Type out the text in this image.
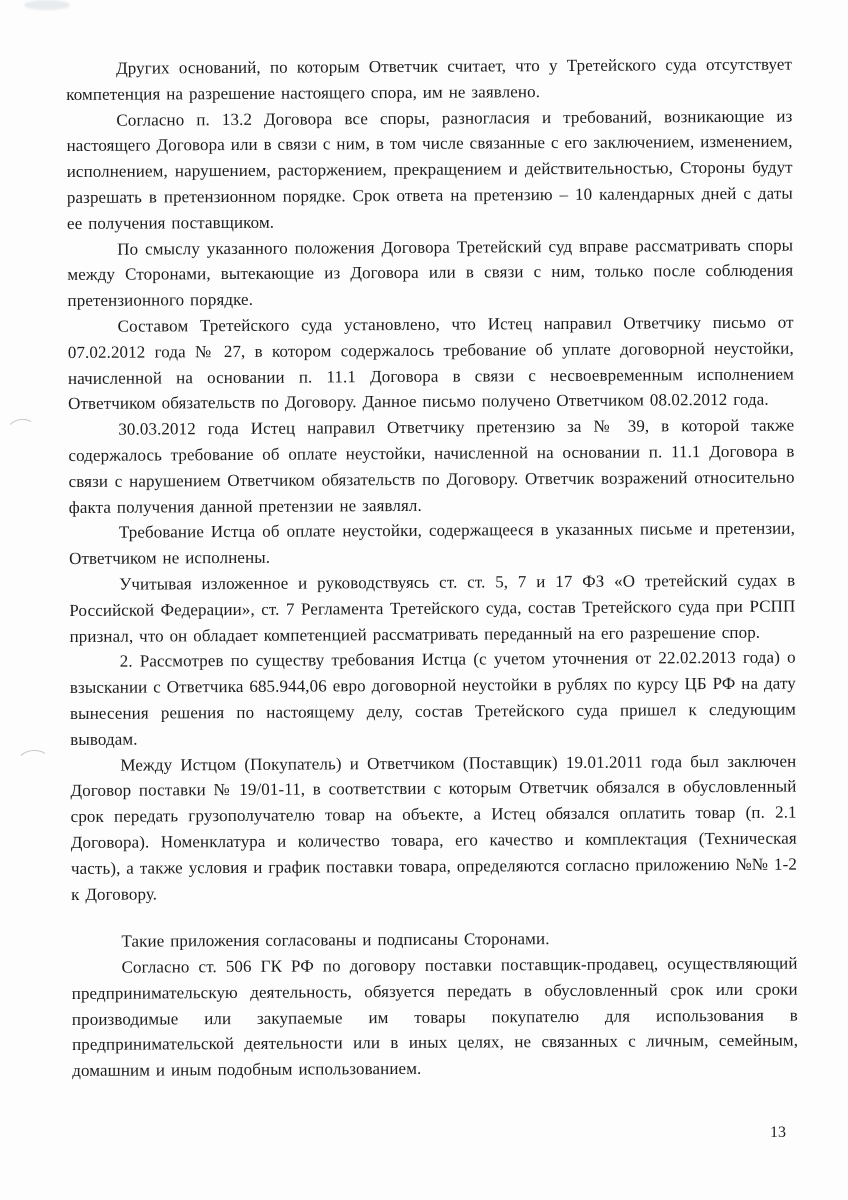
Других оснований, по которым Ответчик считает, что у Третейского суда отсутствует компетенция на разрешение настоящего спора, им не заявлено.

Согласно п. 13.2 Договора все споры, разногласия и требований, возникающие из настоящего Договора или в связи с ним, в том числе связанные с его заключением, изменением, исполнением, нарушением, расторжением, прекращением и действительностью, Стороны будут разрешать в претензионном порядке. Срок ответа на претензию – 10 календарных дней с даты ее получения поставщиком.

По смыслу указанного положения Договора Третейский суд вправе рассматривать споры между Сторонами, вытекающие из Договора или в связи с ним, только после соблюдения претензионного порядке.

Составом Третейского суда установлено, что Истец направил Ответчику письмо от 07.02.2012 года № 27, в котором содержалось требование об уплате договорной неустойки, начисленной на основании п. 11.1 Договора в связи с несвоевременным исполнением Ответчиком обязательств по Договору. Данное письмо получено Ответчиком 08.02.2012 года.

30.03.2012 года Истец направил Ответчику претензию за № 39, в которой также содержалось требование об оплате неустойки, начисленной на основании п. 11.1 Договора в связи с нарушением Ответчиком обязательств по Договору. Ответчик возражений относительно факта получения данной претензии не заявлял.

Требование Истца об оплате неустойки, содержащееся в указанных письме и претензии, Ответчиком не исполнены.

Учитывая изложенное и руководствуясь ст. ст. 5, 7 и 17 ФЗ «О третейский судах в Российской Федерации», ст. 7 Регламента Третейского суда, состав Третейского суда при РСПП признал, что он обладает компетенцией рассматривать переданный на его разрешение спор.

2. Рассмотрев по существу требования Истца (с учетом уточнения от 22.02.2013 года) о взыскании с Ответчика 685.944,06 евро договорной неустойки в рублях по курсу ЦБ РФ на дату вынесения решения по настоящему делу, состав Третейского суда пришел к следующим выводам.

Между Истцом (Покупатель) и Ответчиком (Поставщик) 19.01.2011 года был заключен Договор поставки № 19/01-11, в соответствии с которым Ответчик обязался в обусловленный срок передать грузополучателю товар на объекте, а Истец обязался оплатить товар (п. 2.1 Договора). Номенклатура и количество товара, его качество и комплектация (Техническая часть), а также условия и график поставки товара, определяются согласно приложению №№ 1-2 к Договору.

Такие приложения согласованы и подписаны Сторонами.

Согласно ст. 506 ГК РФ по договору поставки поставщик-продавец, осуществляющий предпринимательскую деятельность, обязуется передать в обусловленный срок или сроки производимые или закупаемые им товары покупателю для использования в предпринимательской деятельности или в иных целях, не связанных с личным, семейным, домашним и иным подобным использованием.

13
